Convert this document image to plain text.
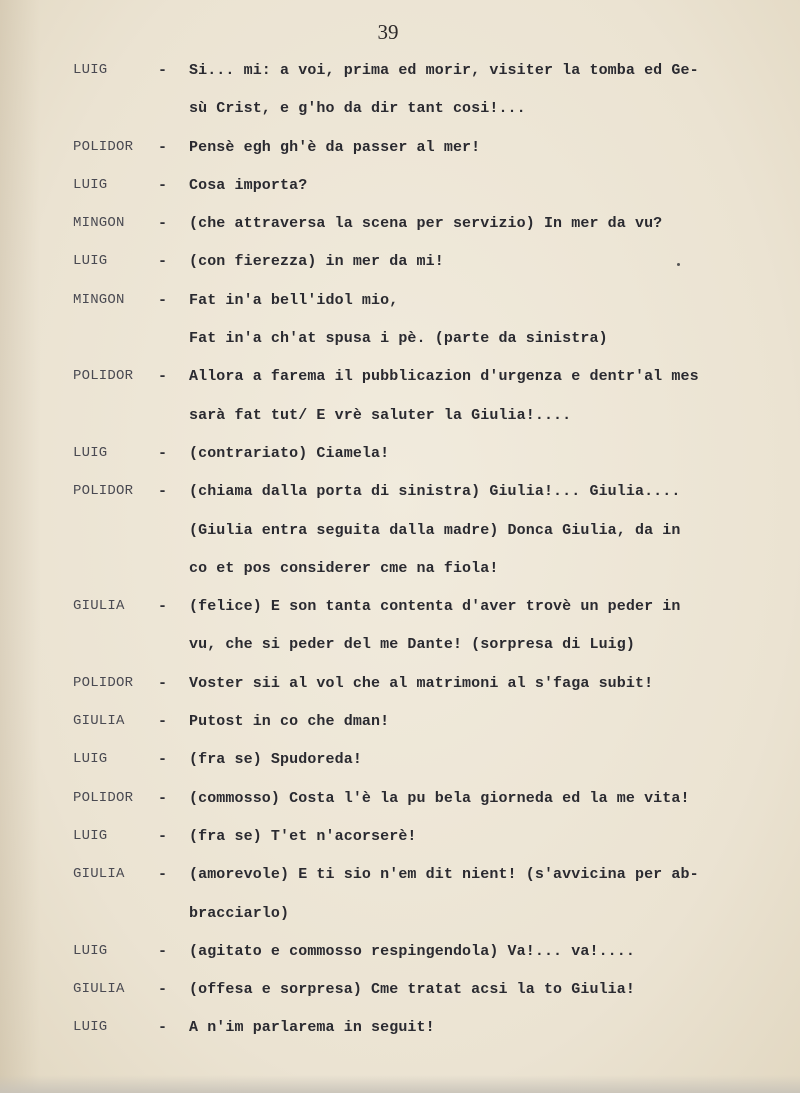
39
LUIG	- Si... mi: a voi, prima ed morir, visiter la tomba ed Ge-
sù Crist, e g'ho da dir tant cosi!...
POLIDOR - Pensè egh gh'è da passer al mer!
LUIG	- Cosa importa?
MINGON - (che attraversa la scena per servizio) In mer da vu?
LUIG	- (con fierezza) in mer da mi!
MINGON - Fat in'a bell'idol mio,
Fat in'a ch'at spusa i pè. (parte da sinistra)
POLIDOR - Allora a farema il pubblicazion d'urgenza e dentr'al mes
sarà fat tut/ E vrè saluter la Giulia!....
LUIG	- (contrariato) Ciamela!
POLIDOR - (chiama dalla porta di sinistra) Giulia!... Giulia....
(Giulia entra seguita dalla madre) Donca Giulia, da in
co et pos considerer cme na fiola!
GIULIA - (felice) E son tanta contenta d'aver trovè un peder in
vu, che si peder del me Dante! (sorpresa di Luig)
POLIDOR - Voster sii al vol che al matrimoni al s'faga subit!
GIULIA - Putost in co che dman!
LUIG	- (fra se) Spudoreda!
POLIDOR - (commosso) Costa l'è la pu bela giorneda ed la me vita!
LUIG	- (fra se) T'et n'acorserè!
GIULIA - (amorevole) E ti sio n'em dit nient! (s'avvicina per ab-
bracciarlo)
LUIG	- (agitato e commosso respingendola) Va!... va!....
GIULIA - (offesa e sorpresa) Cme tratat acsi la to Giulia!
LUIG	- A n'im parlarema in seguit!
